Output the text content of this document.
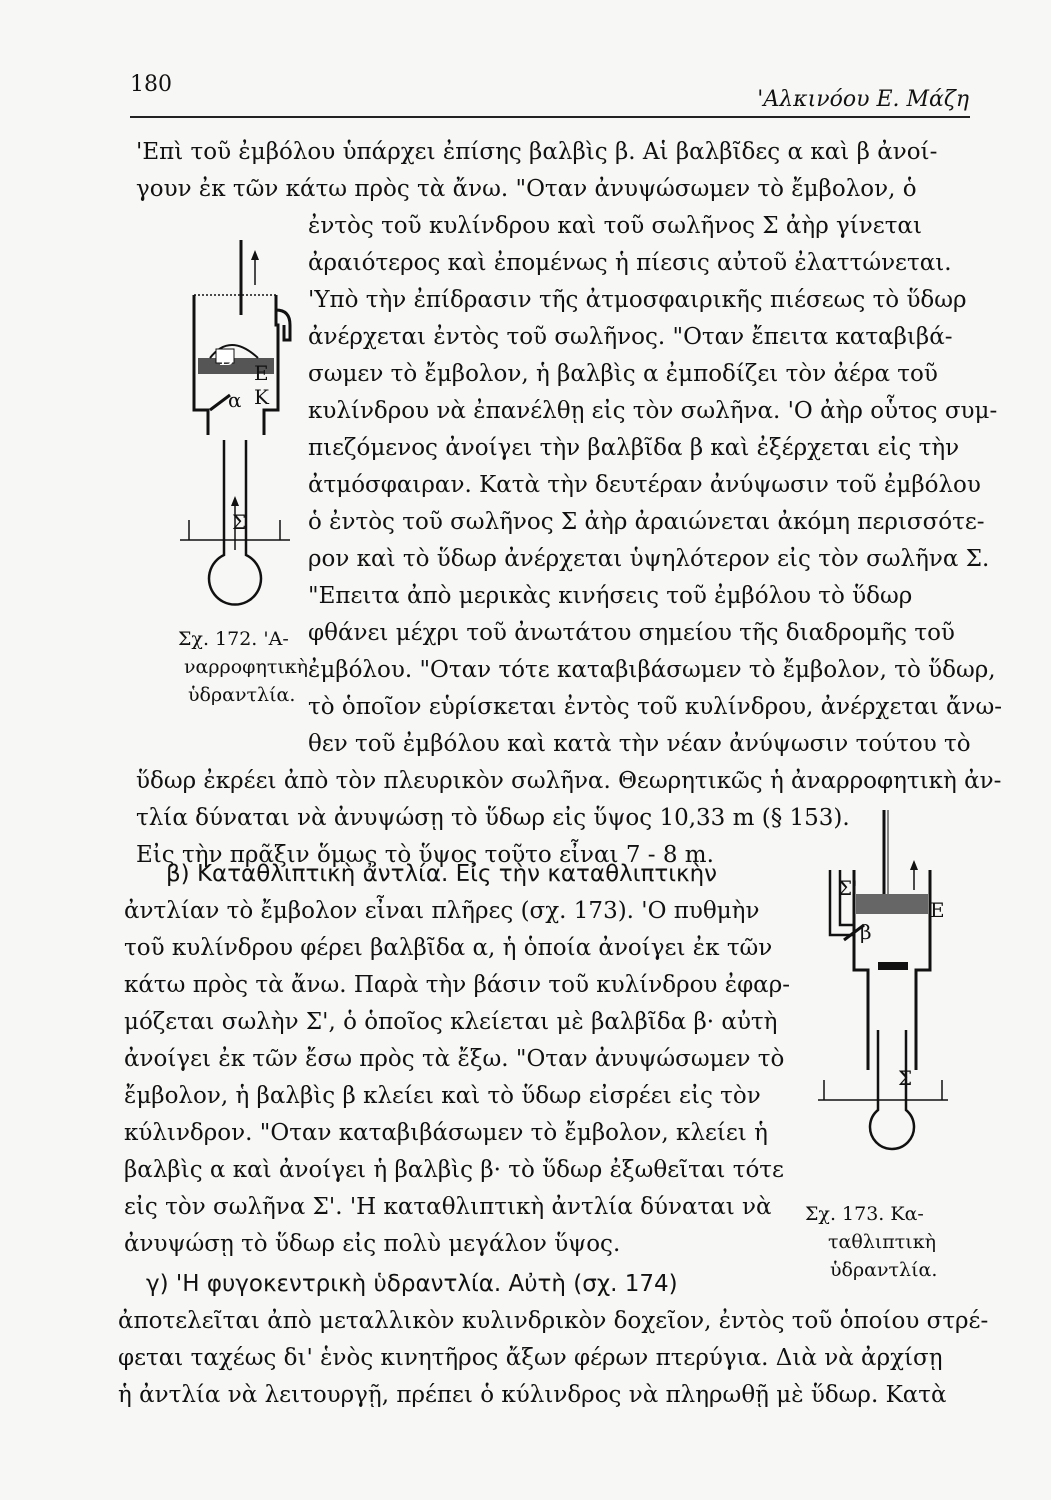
180
'Αλκινόου Ε. Μάζη
'Επὶ τοῦ ἐμβόλου ὑπάρχει ἐπίσης βαλβὶς β. Αἱ βαλβῖδες α καὶ β ἀνοί-
γουν ἐκ τῶν κάτω πρὸς τὰ ἄνω. "Οταν ἀνυψώσωμεν τὸ ἔμβολον, ὁ
ἐντὸς τοῦ κυλίνδρου καὶ τοῦ σωλῆνος Σ ἀὴρ γίνεται
ἀραιότερος καὶ ἐπομένως ἡ πίεσις αὐτοῦ ἐλαττώνεται.
'Υπὸ τὴν ἐπίδρασιν τῆς ἀτμοσφαιρικῆς πιέσεως τὸ ὕδωρ
ἀνέρχεται ἐντὸς τοῦ σωλῆνος. "Οταν ἔπειτα καταβιβά-
σωμεν τὸ ἔμβολον, ἡ βαλβὶς α ἐμποδίζει τὸν ἀέρα τοῦ
κυλίνδρου νὰ ἐπανέλθῃ εἰς τὸν σωλῆνα. 'Ο ἀὴρ οὗτος συμ-
πιεζόμενος ἀνοίγει τὴν βαλβῖδα β καὶ ἐξέρχεται εἰς τὴν
ἀτμόσφαιραν. Κατὰ τὴν δευτέραν ἀνύψωσιν τοῦ ἐμβόλου
ὁ ἐντὸς τοῦ σωλῆνος Σ ἀὴρ ἀραιώνεται ἀκόμη περισσότε-
ρον καὶ τὸ ὕδωρ ἀνέρχεται ὑψηλότερον εἰς τὸν σωλῆνα Σ.
"Επειτα ἀπὸ μερικὰς κινήσεις τοῦ ἐμβόλου τὸ ὕδωρ
φθάνει μέχρι τοῦ ἀνωτάτου σημείου τῆς διαδρομῆς τοῦ
ἐμβόλου. "Οταν τότε καταβιβάσωμεν τὸ ἔμβολον, τὸ ὕδωρ,
τὸ ὁποῖον εὑρίσκεται ἐντὸς τοῦ κυλίνδρου, ἀνέρχεται ἄνω-
θεν τοῦ ἐμβόλου καὶ κατὰ τὴν νέαν ἀνύψωσιν τούτου τὸ
ὕδωρ ἐκρέει ἀπὸ τὸν πλευρικὸν σωλῆνα. Θεωρητικῶς ἡ ἀναρροφητικὴ ἀν-
τλία δύναται νὰ ἀνυψώσῃ τὸ ὕδωρ εἰς ὕψος 10,33 m (§ 153).
Εἰς τὴν πρᾶξιν ὅμως τὸ ὕψος τοῦτο εἶναι 7 - 8 m.
B
E
K
α
Σ
Σχ. 172. 'Α-
ναρροφητικὴ
ὑδραντλία.
β) Καταθλιπτικὴ ἀντλία. Εἰς τὴν καταθλιπτικὴν
ἀντλίαν τὸ ἔμβολον εἶναι πλῆρες (σχ. 173). 'Ο πυθμὴν
τοῦ κυλίνδρου φέρει βαλβῖδα α, ἡ ὁποία ἀνοίγει ἐκ τῶν
κάτω πρὸς τὰ ἄνω. Παρὰ τὴν βάσιν τοῦ κυλίνδρου ἐφαρ-
μόζεται σωλὴν Σ', ὁ ὁποῖος κλείεται μὲ βαλβῖδα β· αὐτὴ
ἀνοίγει ἐκ τῶν ἔσω πρὸς τὰ ἔξω. "Οταν ἀνυψώσωμεν τὸ
ἔμβολον, ἡ βαλβὶς β κλείει καὶ τὸ ὕδωρ εἰσρέει εἰς τὸν
κύλινδρον. "Οταν καταβιβάσωμεν τὸ ἔμβολον, κλείει ἡ
βαλβὶς α καὶ ἀνοίγει ἡ βαλβὶς β· τὸ ὕδωρ ἐξωθεῖται τότε
εἰς τὸν σωλῆνα Σ'. 'Η καταθλιπτικὴ ἀντλία δύναται νὰ
ἀνυψώσῃ τὸ ὕδωρ εἰς πολὺ μεγάλον ὕψος.
Σ'
E
β
Σ
Σχ. 173. Κα-
ταθλιπτικὴ
ὑδραντλία.
γ) 'Η φυγοκεντρικὴ ὑδραντλία. Αὐτὴ (σχ. 174)
ἀποτελεῖται ἀπὸ μεταλλικὸν κυλινδρικὸν δοχεῖον, ἐντὸς τοῦ ὁποίου στρέ-
φεται ταχέως δι' ἑνὸς κινητῆρος ἄξων φέρων πτερύγια. Διὰ νὰ ἀρχίσῃ
ἡ ἀντλία νὰ λειτουργῇ, πρέπει ὁ κύλινδρος νὰ πληρωθῇ μὲ ὕδωρ. Κατὰ
